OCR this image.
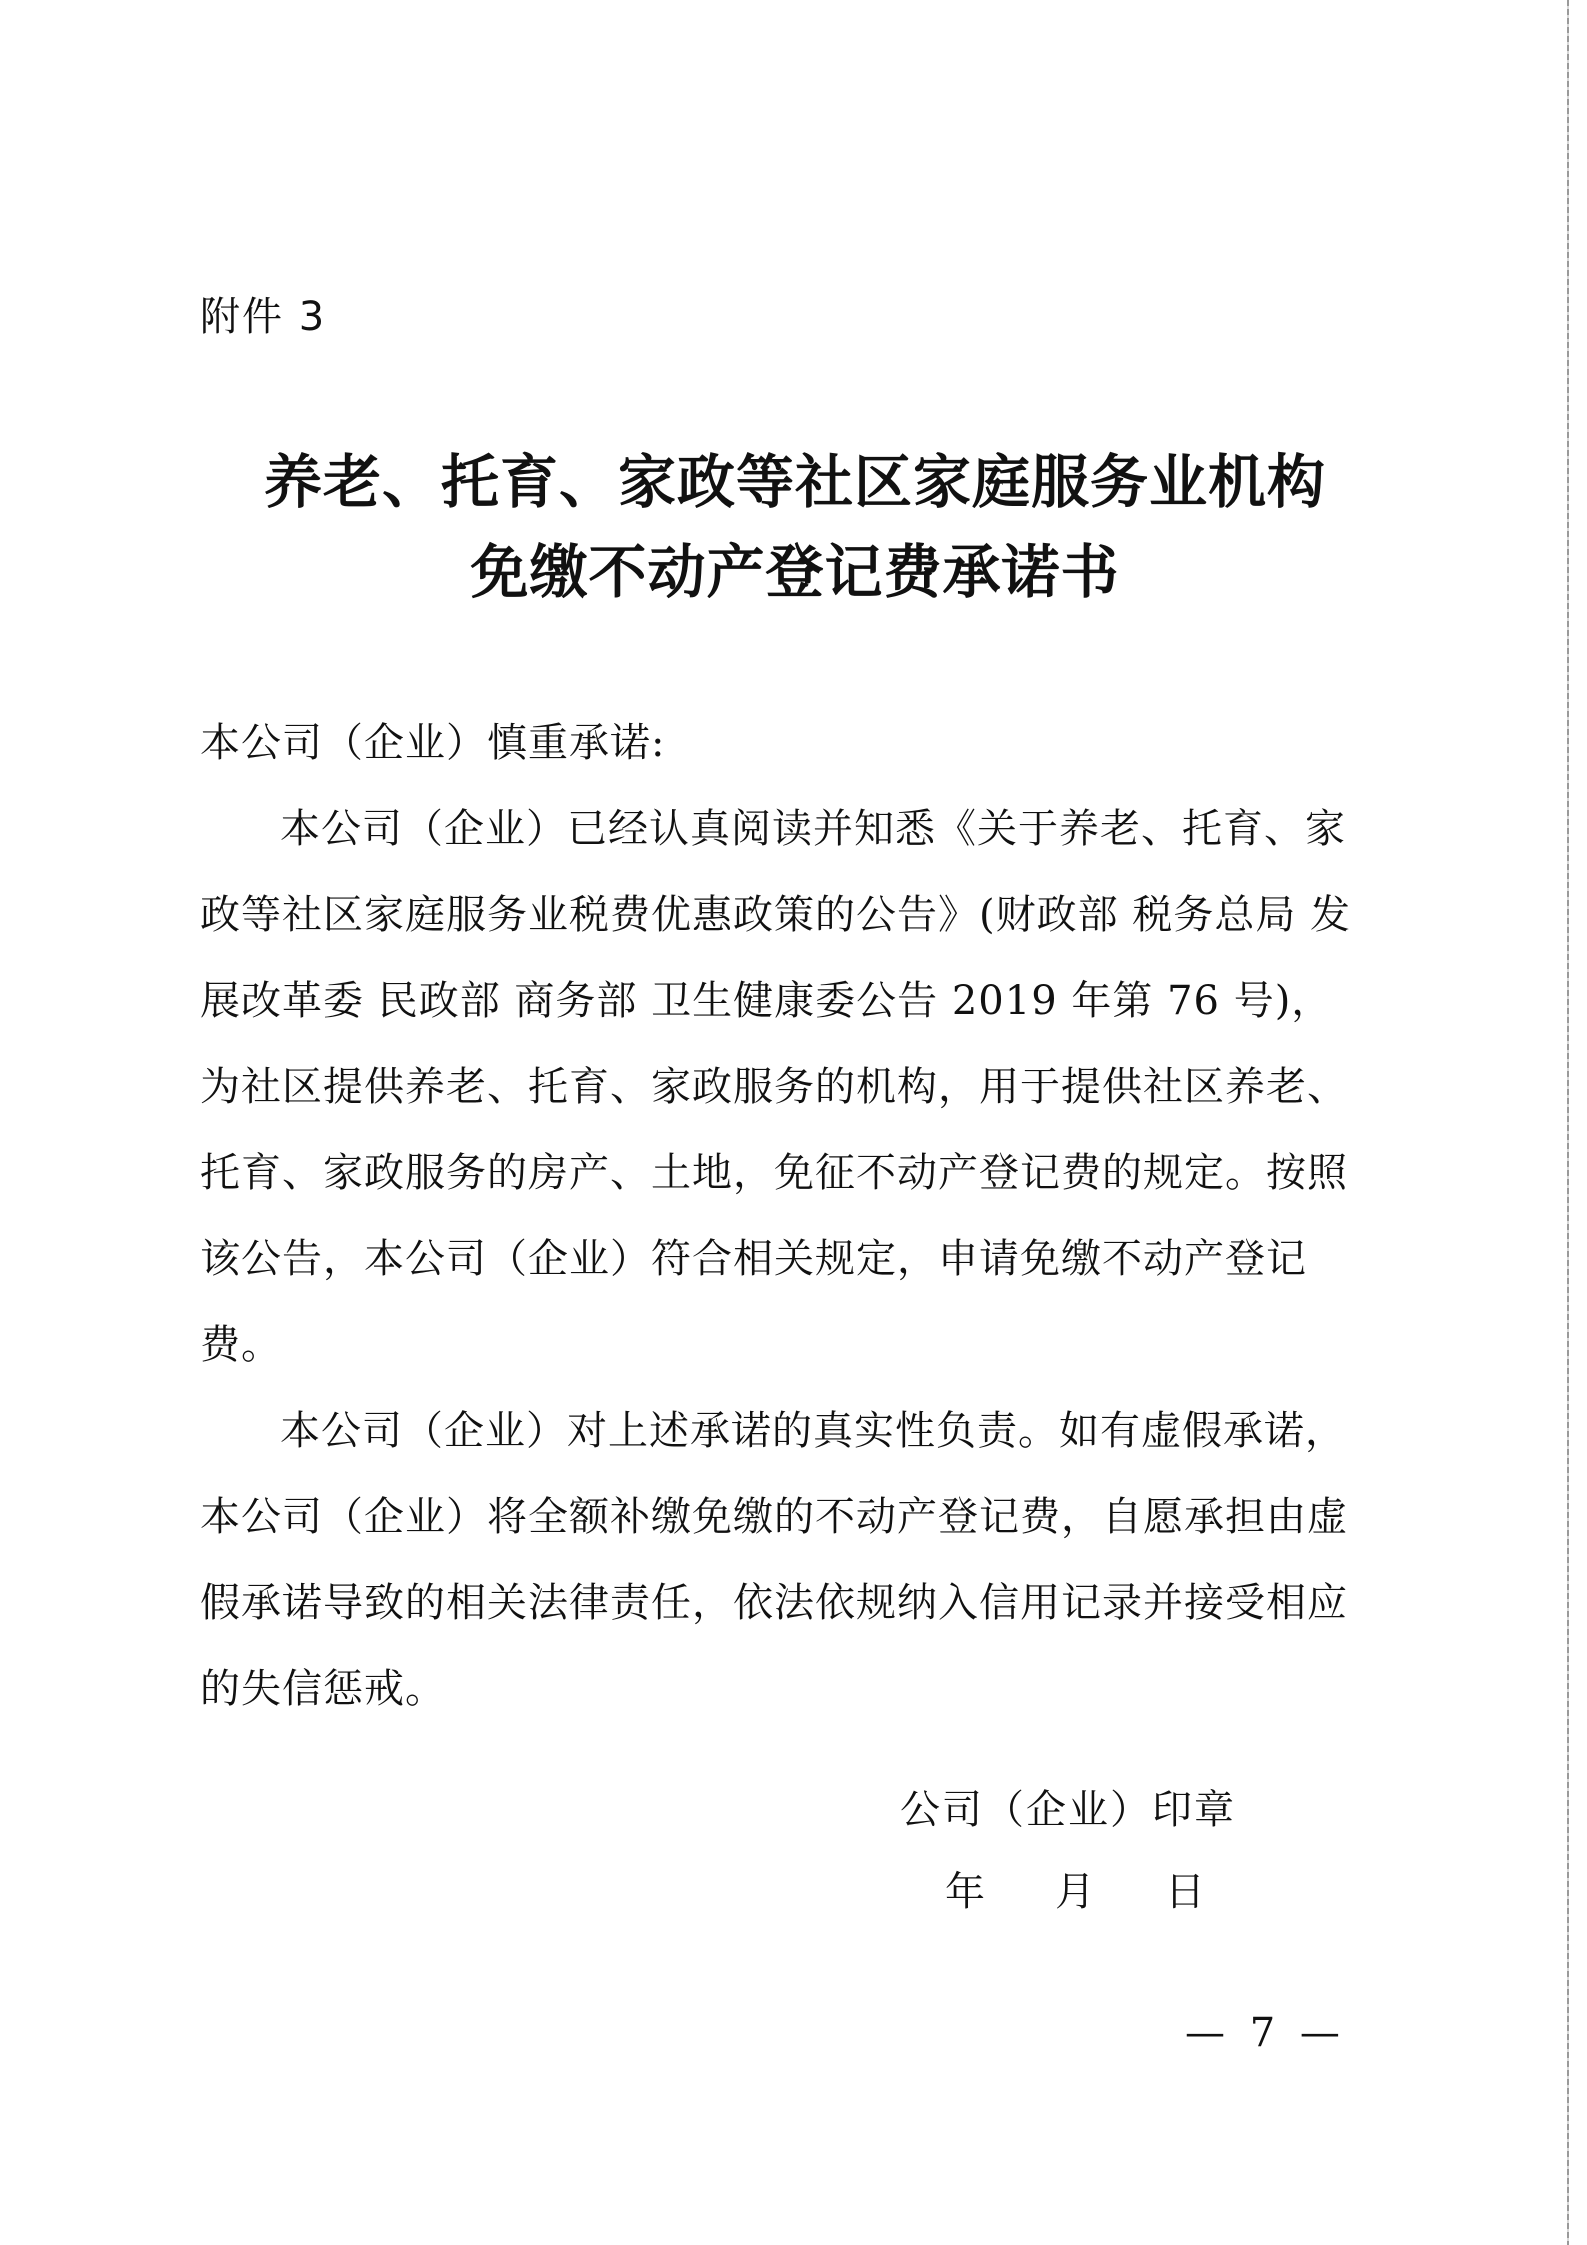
附件 3
养老、托育、家政等社区家庭服务业机构
免缴不动产登记费承诺书

本公司（企业）慎重承诺:

本公司（企业）已经认真阅读并知悉《关于养老、托育、家政等社区家庭服务业税费优惠政策的公告》(财政部 税务总局 发展改革委 民政部 商务部 卫生健康委公告 2019 年第 76 号)，为社区提供养老、托育、家政服务的机构，用于提供社区养老、托育、家政服务的房产、土地，免征不动产登记费的规定。按照该公告，本公司（企业）符合相关规定，申请免缴不动产登记费。

本公司（企业）对上述承诺的真实性负责。如有虚假承诺，本公司（企业）将全额补缴免缴的不动产登记费，自愿承担由虚假承诺导致的相关法律责任，依法依规纳入信用记录并接受相应的失信惩戒。

公司（企业）印章
年 月 日
— 7 —
